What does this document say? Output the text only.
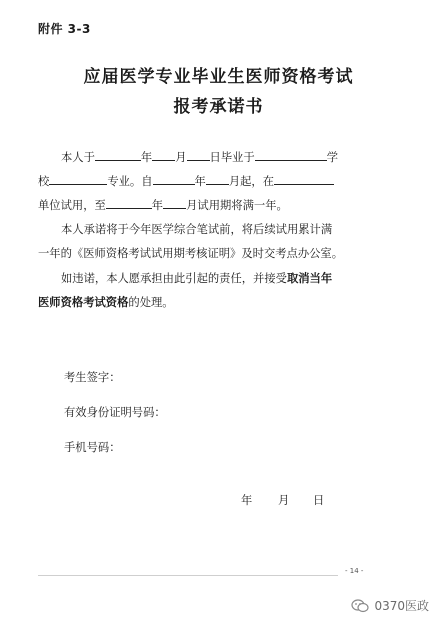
附件 3-3
应届医学专业毕业生医师资格考试
报考承诺书
本人于	年 月 日毕业于	学
校	专业。自	年 月起，在
单位试用，至	年 月试用期将满一年。
本人承诺将于今年医学综合笔试前，将后续试用累计满
一年的《医师资格考试试用期考核证明》及时交考点办公室。
如违诺，本人愿承担由此引起的责任，并接受取消当年
医师资格考试资格的处理。
考生签字：
有效身份证明号码：
手机号码：
年 月 日
- 14 -
0370医政
